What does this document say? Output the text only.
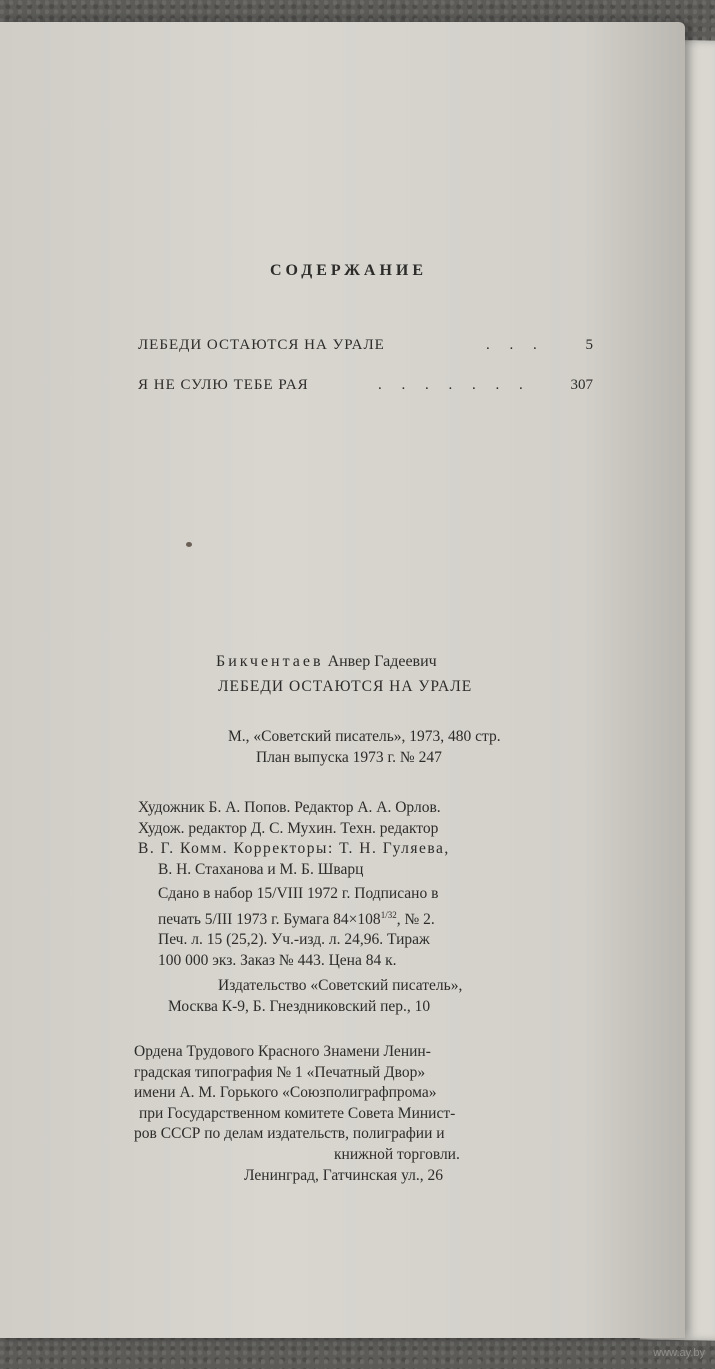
СОДЕРЖАНИЕ
ЛЕБЕДИ ОСТАЮТСЯ НА УРАЛЕ	. . .	5
Я НЕ СУЛЮ ТЕБЕ РАЯ	. . . . . . .	307
Бикчентаев Анвер Гадеевич
ЛЕБЕДИ ОСТАЮТСЯ НА УРАЛЕ
М., «Советский писатель», 1973, 480 стр.
План выпуска 1973 г. № 247
Художник Б. А. Попов. Редактор А. А. Орлов.
Худож. редактор Д. С. Мухин. Техн. редактор
В. Г. Комм. Корректоры: Т. Н. Гуляева,
В. Н. Стаханова и М. Б. Шварц
Сдано в набор 15/VIII 1972 г. Подписано в
печать 5/III 1973 г. Бумага $84\times 108^{1/32}$, № 2.
Печ. л. 15 (25,2). Уч.-изд. л. 24,96. Тираж
100 000 экз. Заказ № 443. Цена 84 к.
Издательство «Советский писатель»,
Москва К-9, Б. Гнездниковский пер., 10
Ордена Трудового Красного Знамени Ленин-
градская типография № 1 «Печатный Двор»
имени А. М. Горького «Союзполиграфпрома»
при Государственном комитете Совета Минист-
ров СССР по делам издательств, полиграфии и
книжной торговли.
Ленинград, Гатчинская ул., 26
www.ay.by
